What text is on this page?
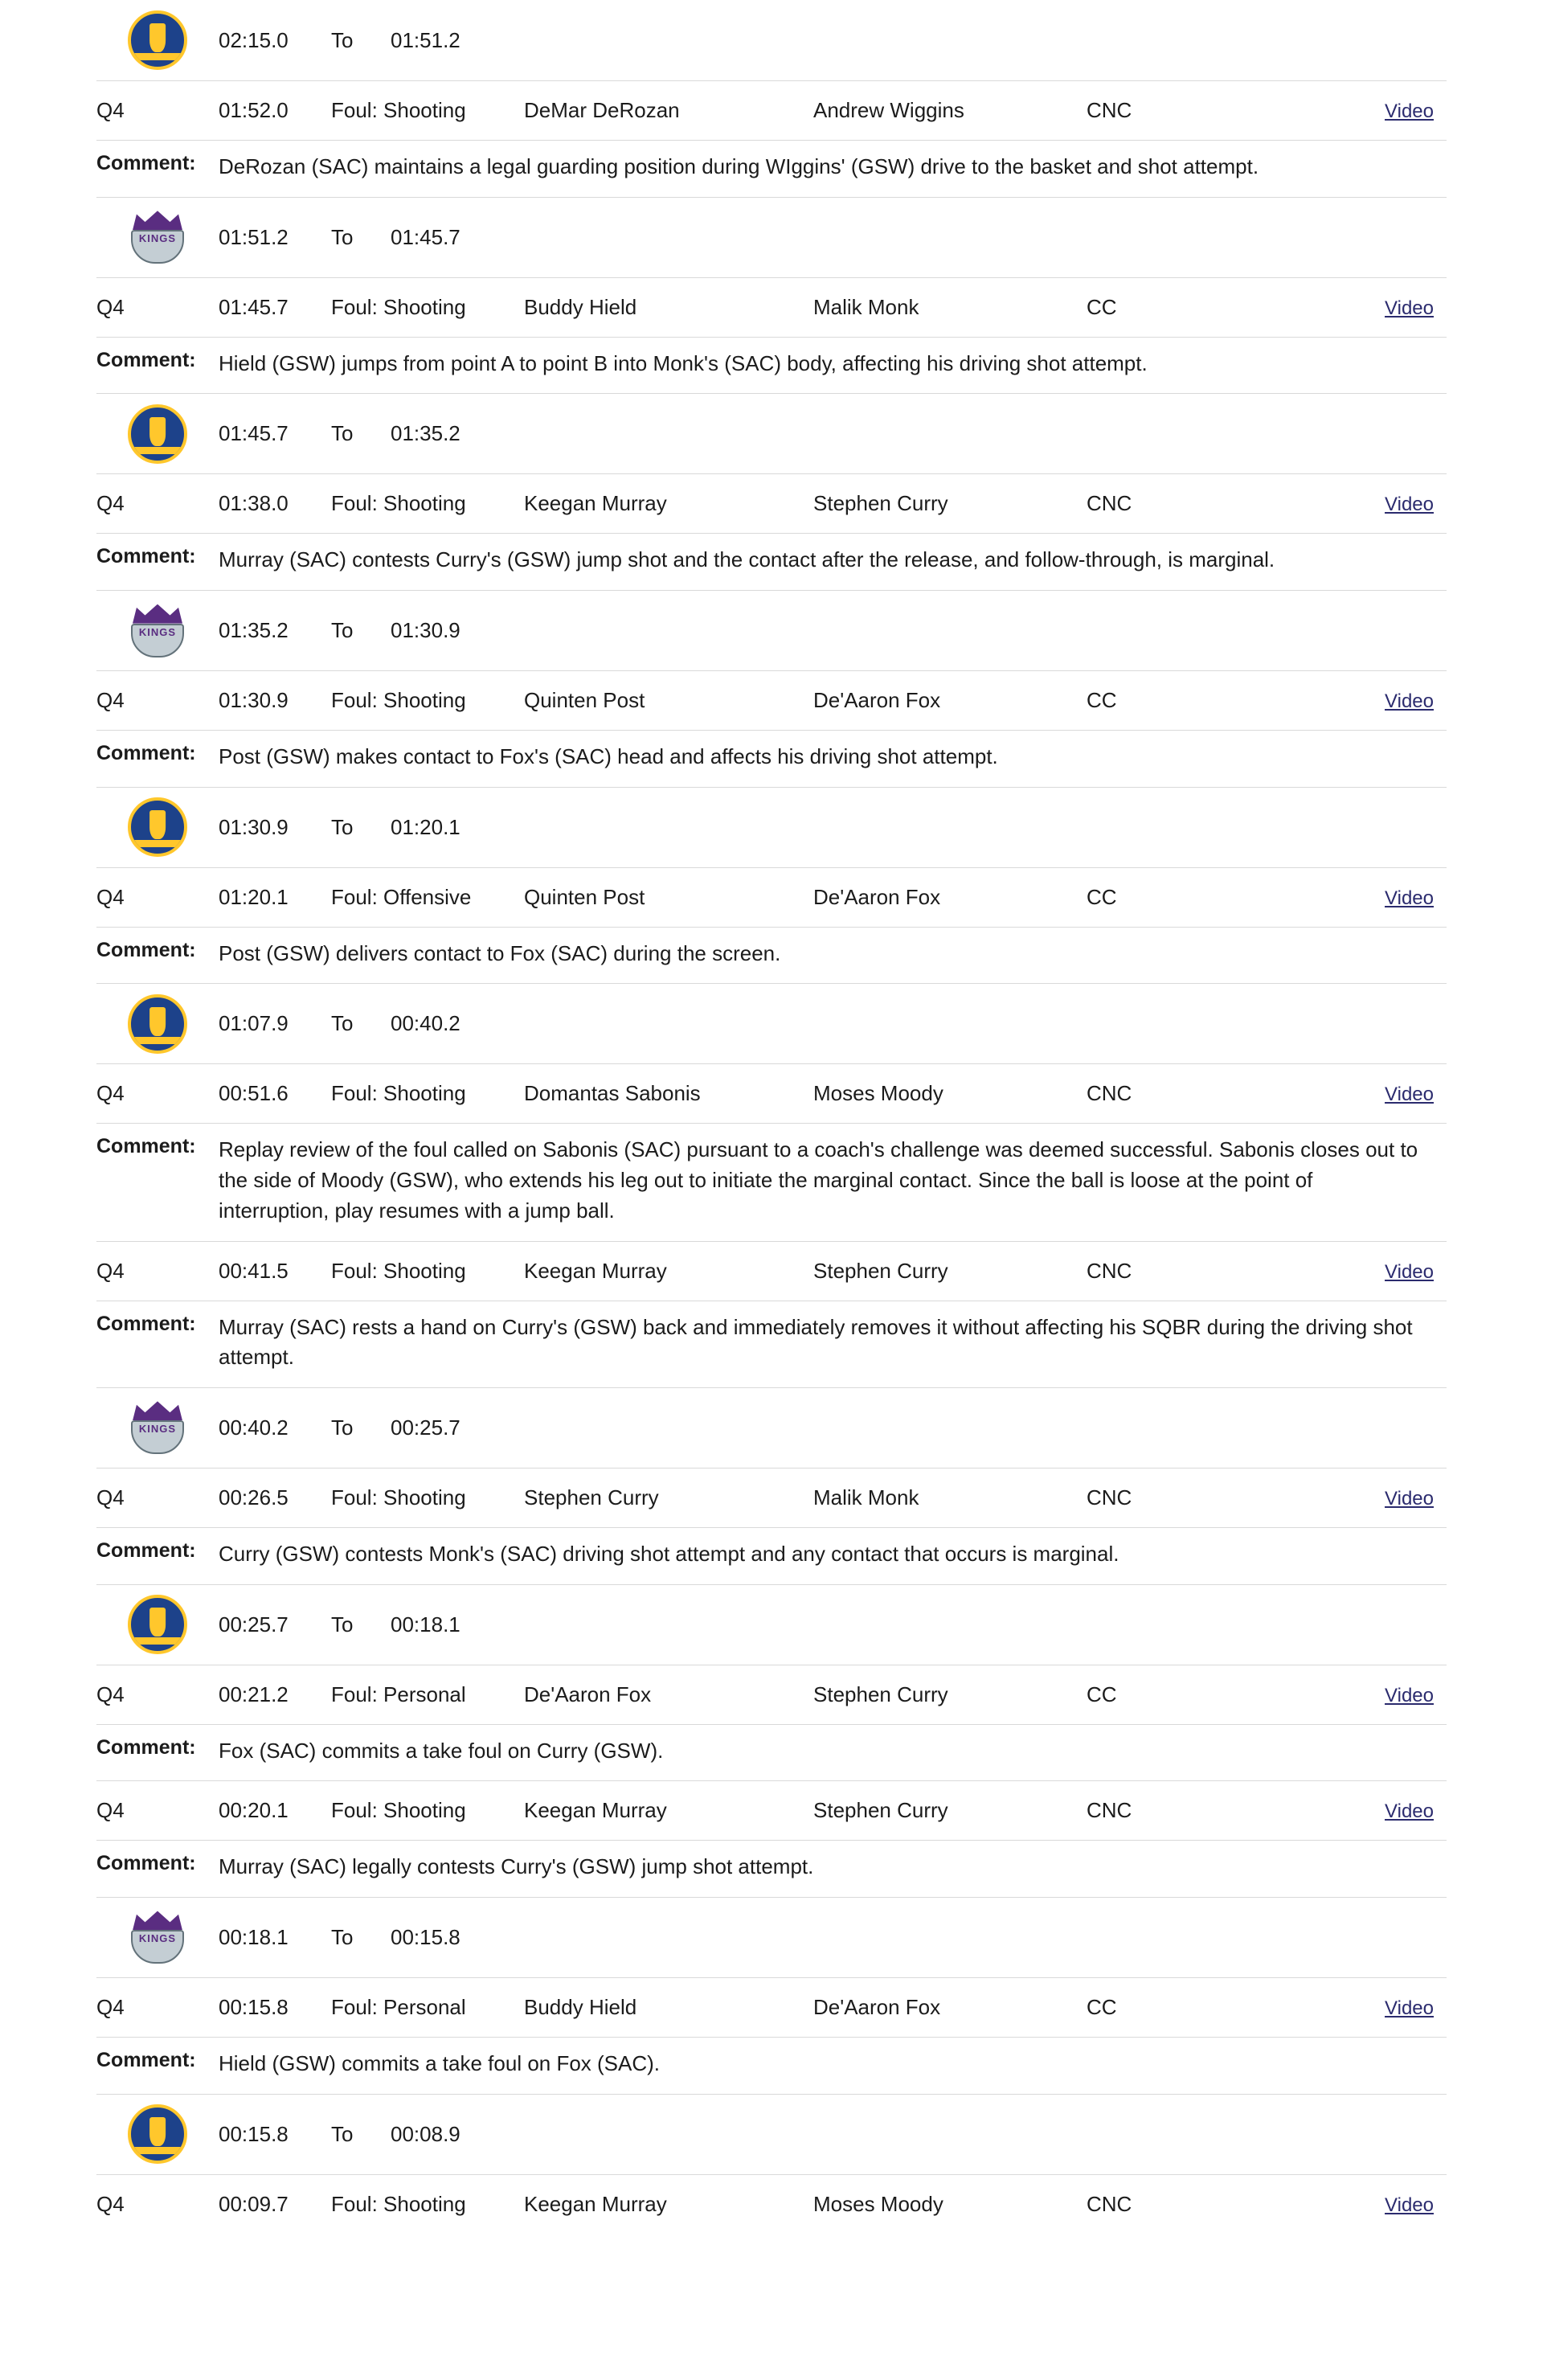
02:15.0	To	01:51.2
Q4	01:52.0	Foul: Shooting	DeMar DeRozan	Andrew Wiggins	CNC	Video
Comment:	DeRozan (SAC) maintains a legal guarding position during WIggins' (GSW) drive to the basket and shot attempt.
KINGS 01:51.2	To	01:45.7
Q4	01:45.7	Foul: Shooting	Buddy Hield	Malik Monk	CC	Video
Comment:	Hield (GSW) jumps from point A to point B into Monk's (SAC) body, affecting his driving shot attempt.
01:45.7	To	01:35.2
Q4	01:38.0	Foul: Shooting	Keegan Murray	Stephen Curry	CNC	Video
Comment:	Murray (SAC) contests Curry's (GSW) jump shot and the contact after the release, and follow-through, is marginal.
KINGS 01:35.2	To	01:30.9
Q4	01:30.9	Foul: Shooting	Quinten Post	De'Aaron Fox	CC	Video
Comment:	Post (GSW) makes contact to Fox's (SAC) head and affects his driving shot attempt.
01:30.9	To	01:20.1
Q4	01:20.1	Foul: Offensive	Quinten Post	De'Aaron Fox	CC	Video
Comment:	Post (GSW) delivers contact to Fox (SAC) during the screen.
01:07.9	To	00:40.2
Q4	00:51.6	Foul: Shooting	Domantas Sabonis	Moses Moody	CNC	Video
Comment:	Replay review of the foul called on Sabonis (SAC) pursuant to a coach's challenge was deemed successful. Sabonis closes out to the side of Moody (GSW), who extends his leg out to initiate the marginal contact. Since the ball is loose at the point of interruption, play resumes with a jump ball.
Q4	00:41.5	Foul: Shooting	Keegan Murray	Stephen Curry	CNC	Video
Comment:	Murray (SAC) rests a hand on Curry's (GSW) back and immediately removes it without affecting his SQBR during the driving shot attempt.
KINGS 00:40.2	To	00:25.7
Q4	00:26.5	Foul: Shooting	Stephen Curry	Malik Monk	CNC	Video
Comment:	Curry (GSW) contests Monk's (SAC) driving shot attempt and any contact that occurs is marginal.
00:25.7	To	00:18.1
Q4	00:21.2	Foul: Personal	De'Aaron Fox	Stephen Curry	CC	Video
Comment:	Fox (SAC) commits a take foul on Curry (GSW).
Q4	00:20.1	Foul: Shooting	Keegan Murray	Stephen Curry	CNC	Video
Comment:	Murray (SAC) legally contests Curry's (GSW) jump shot attempt.
KINGS 00:18.1	To	00:15.8
Q4	00:15.8	Foul: Personal	Buddy Hield	De'Aaron Fox	CC	Video
Comment:	Hield (GSW) commits a take foul on Fox (SAC).
00:15.8	To	00:08.9
Q4	00:09.7	Foul: Shooting	Keegan Murray	Moses Moody	CNC	Video
